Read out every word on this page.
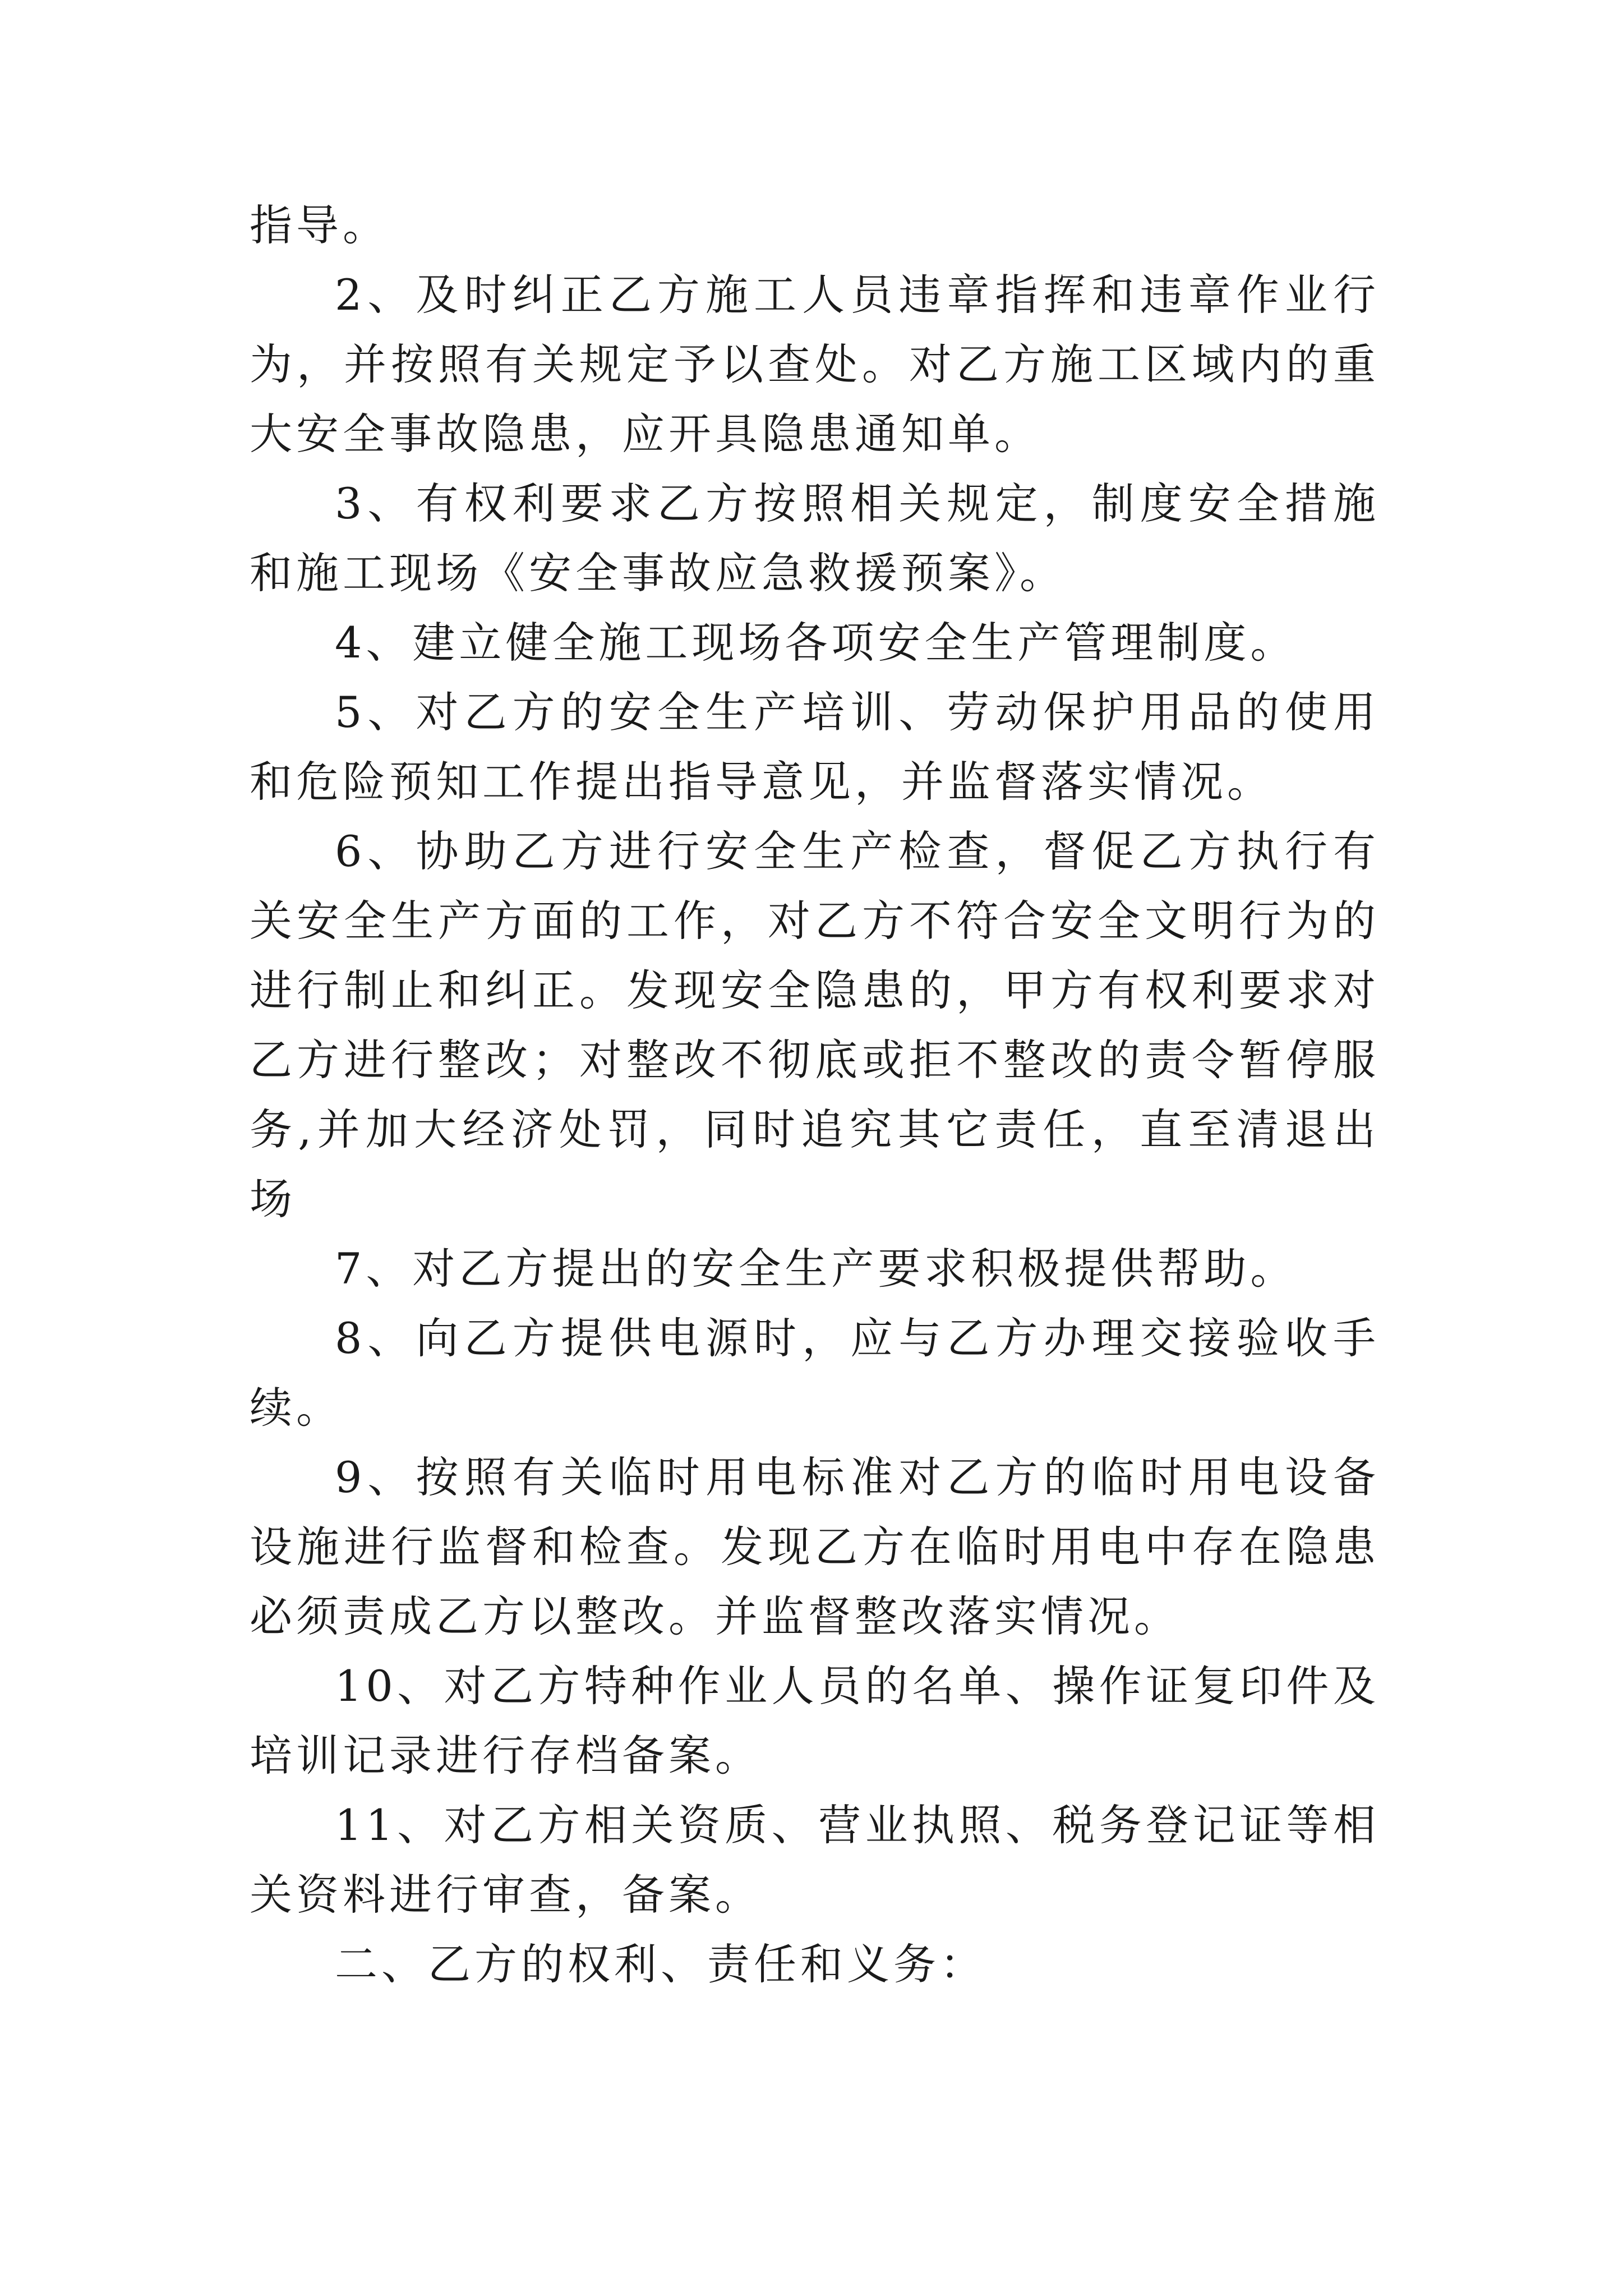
指导。

2、及时纠正乙方施工人员违章指挥和违章作业行为，并按照有关规定予以查处。对乙方施工区域内的重大安全事故隐患，应开具隐患通知单。

3、有权利要求乙方按照相关规定，制度安全措施和施工现场《安全事故应急救援预案》。

4、建立健全施工现场各项安全生产管理制度。

5、对乙方的安全生产培训、劳动保护用品的使用和危险预知工作提出指导意见，并监督落实情况。

6、协助乙方进行安全生产检查，督促乙方执行有关安全生产方面的工作，对乙方不符合安全文明行为的进行制止和纠正。发现安全隐患的，甲方有权利要求对乙方进行整改；对整改不彻底或拒不整改的责令暂停服务,并加大经济处罚，同时追究其它责任，直至清退出场

7、对乙方提出的安全生产要求积极提供帮助。

8、向乙方提供电源时，应与乙方办理交接验收手续。

9、按照有关临时用电标准对乙方的临时用电设备设施进行监督和检查。发现乙方在临时用电中存在隐患必须责成乙方以整改。并监督整改落实情况。

10、对乙方特种作业人员的名单、操作证复印件及培训记录进行存档备案。

11、对乙方相关资质、营业执照、税务登记证等相关资料进行审查，备案。

二、乙方的权利、责任和义务：
